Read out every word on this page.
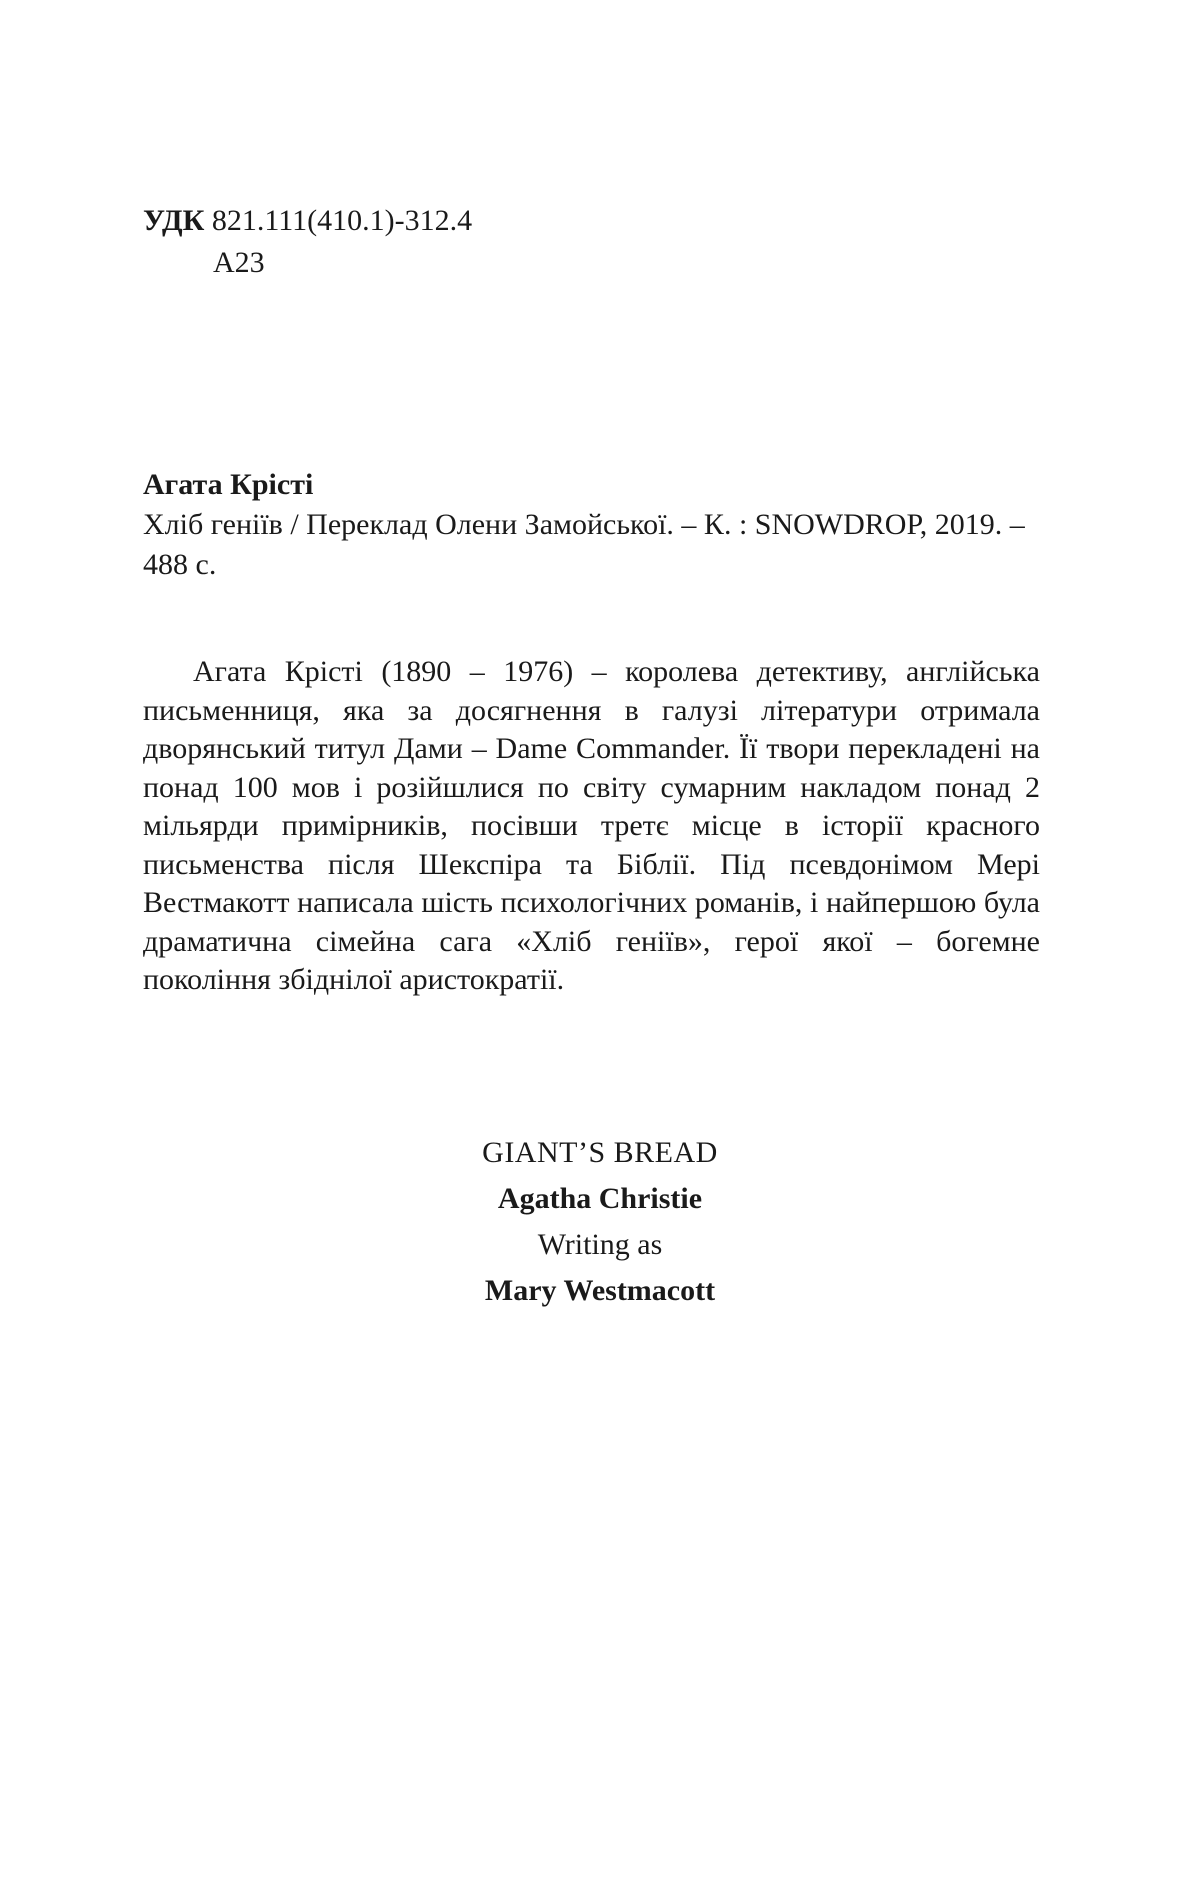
УДК 821.111(410.1)-312.4
А23
Агата Крісті

Хліб геніїв / Переклад Олени Замойської. – К. : SNOWDROP, 2019. – 488 с.

Агата Крісті (1890 – 1976) – королева детективу, англійська письменниця, яка за досягнення в галузі літератури отримала дворянський титул Дами – Dame Commander. Її твори перекладені на понад 100 мов і розійшлися по світу сумарним накладом понад 2 мільярди примірників, посівши третє місце в історії красного письменства після Шекспіра та Біблії. Під псевдонімом Мері Вестмакотт написала шість психологічних романів, і найпершою була драматична сімейна сага «Хліб геніїв», герої якої – богемне покоління збіднілої аристократії.

GIANT’S BREAD
Agatha Christie
Writing as
Mary Westmacott
